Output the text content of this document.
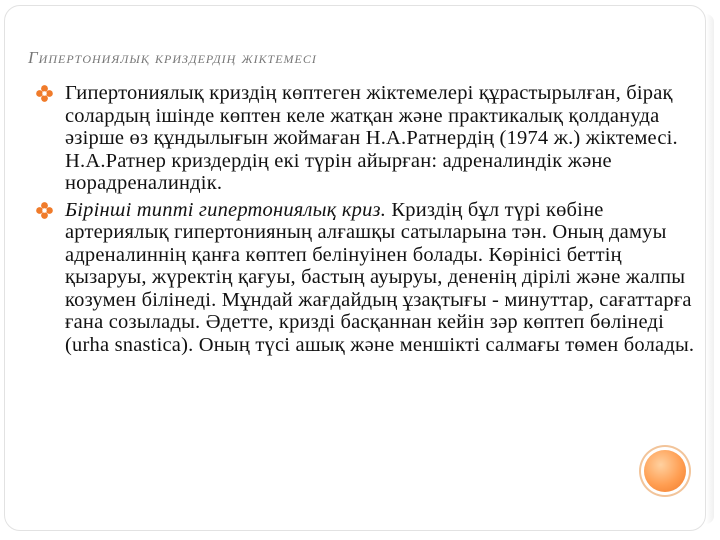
Гипертониялық криздердің жіктемесі
Гипертониялық криздің көптеген жіктемелері құрастырылған, бірақ солардың ішінде көптен келе жатқан және практикалық қолдануда әзірше өз құндылығын жоймаған Н.А.Ратнердің (1974 ж.) жіктемесі. Н.А.Ратнер криздердің екі түрін айырған: адреналиндік және норадреналиндік.
Бірінші типті гипертониялық криз. Криздің бұл түрі көбіне артериялық гипертонияның алғашқы сатыларына тән. Оның дамуы адреналиннің қанға көптеп белінуінен болады. Көрінісі беттің қызаруы, жүректің қағуы, бастың ауыруы, дененің дірілі және жалпы козумен білінеді. Мұндай жағдайдың ұзақтығы - минуттар, сағаттарға ғана созылады. Әдетте, кризді басқаннан кейін зәр көптеп бөлінеді (urha snastica). Оның түсі ашық және меншікті салмағы төмен болады.
